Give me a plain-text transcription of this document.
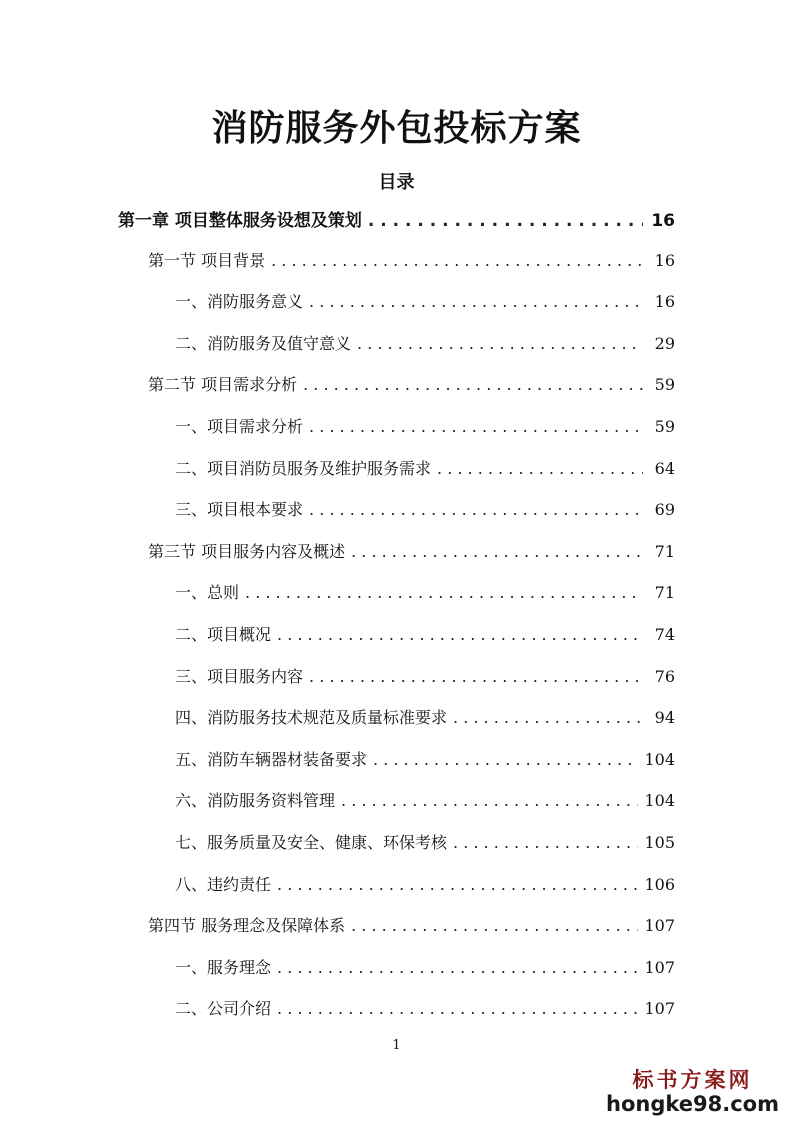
消防服务外包投标方案
目录
第一章 项目整体服务设想及策划 . . .	16
第一节 项目背景 . . .	16
一、消防服务意义 . . .	16
二、消防服务及值守意义 . . .	29
第二节 项目需求分析 . . .	59
一、项目需求分析 . . .	59
二、项目消防员服务及维护服务需求 . . .	64
三、项目根本要求 . . .	69
第三节 项目服务内容及概述 . . .	71
一、总则 . . .	71
二、项目概况 . . .	74
三、项目服务内容 . . .	76
四、消防服务技术规范及质量标准要求 . . .	94
五、消防车辆器材装备要求 . . .	104
六、消防服务资料管理 . . .	104
七、服务质量及安全、健康、环保考核 . . .	105
八、违约责任 . . .	106
第四节 服务理念及保障体系 . . .	107
一、服务理念 . . .	107
二、公司介绍 . . .	107
1
标书方案网
hongke98.com
